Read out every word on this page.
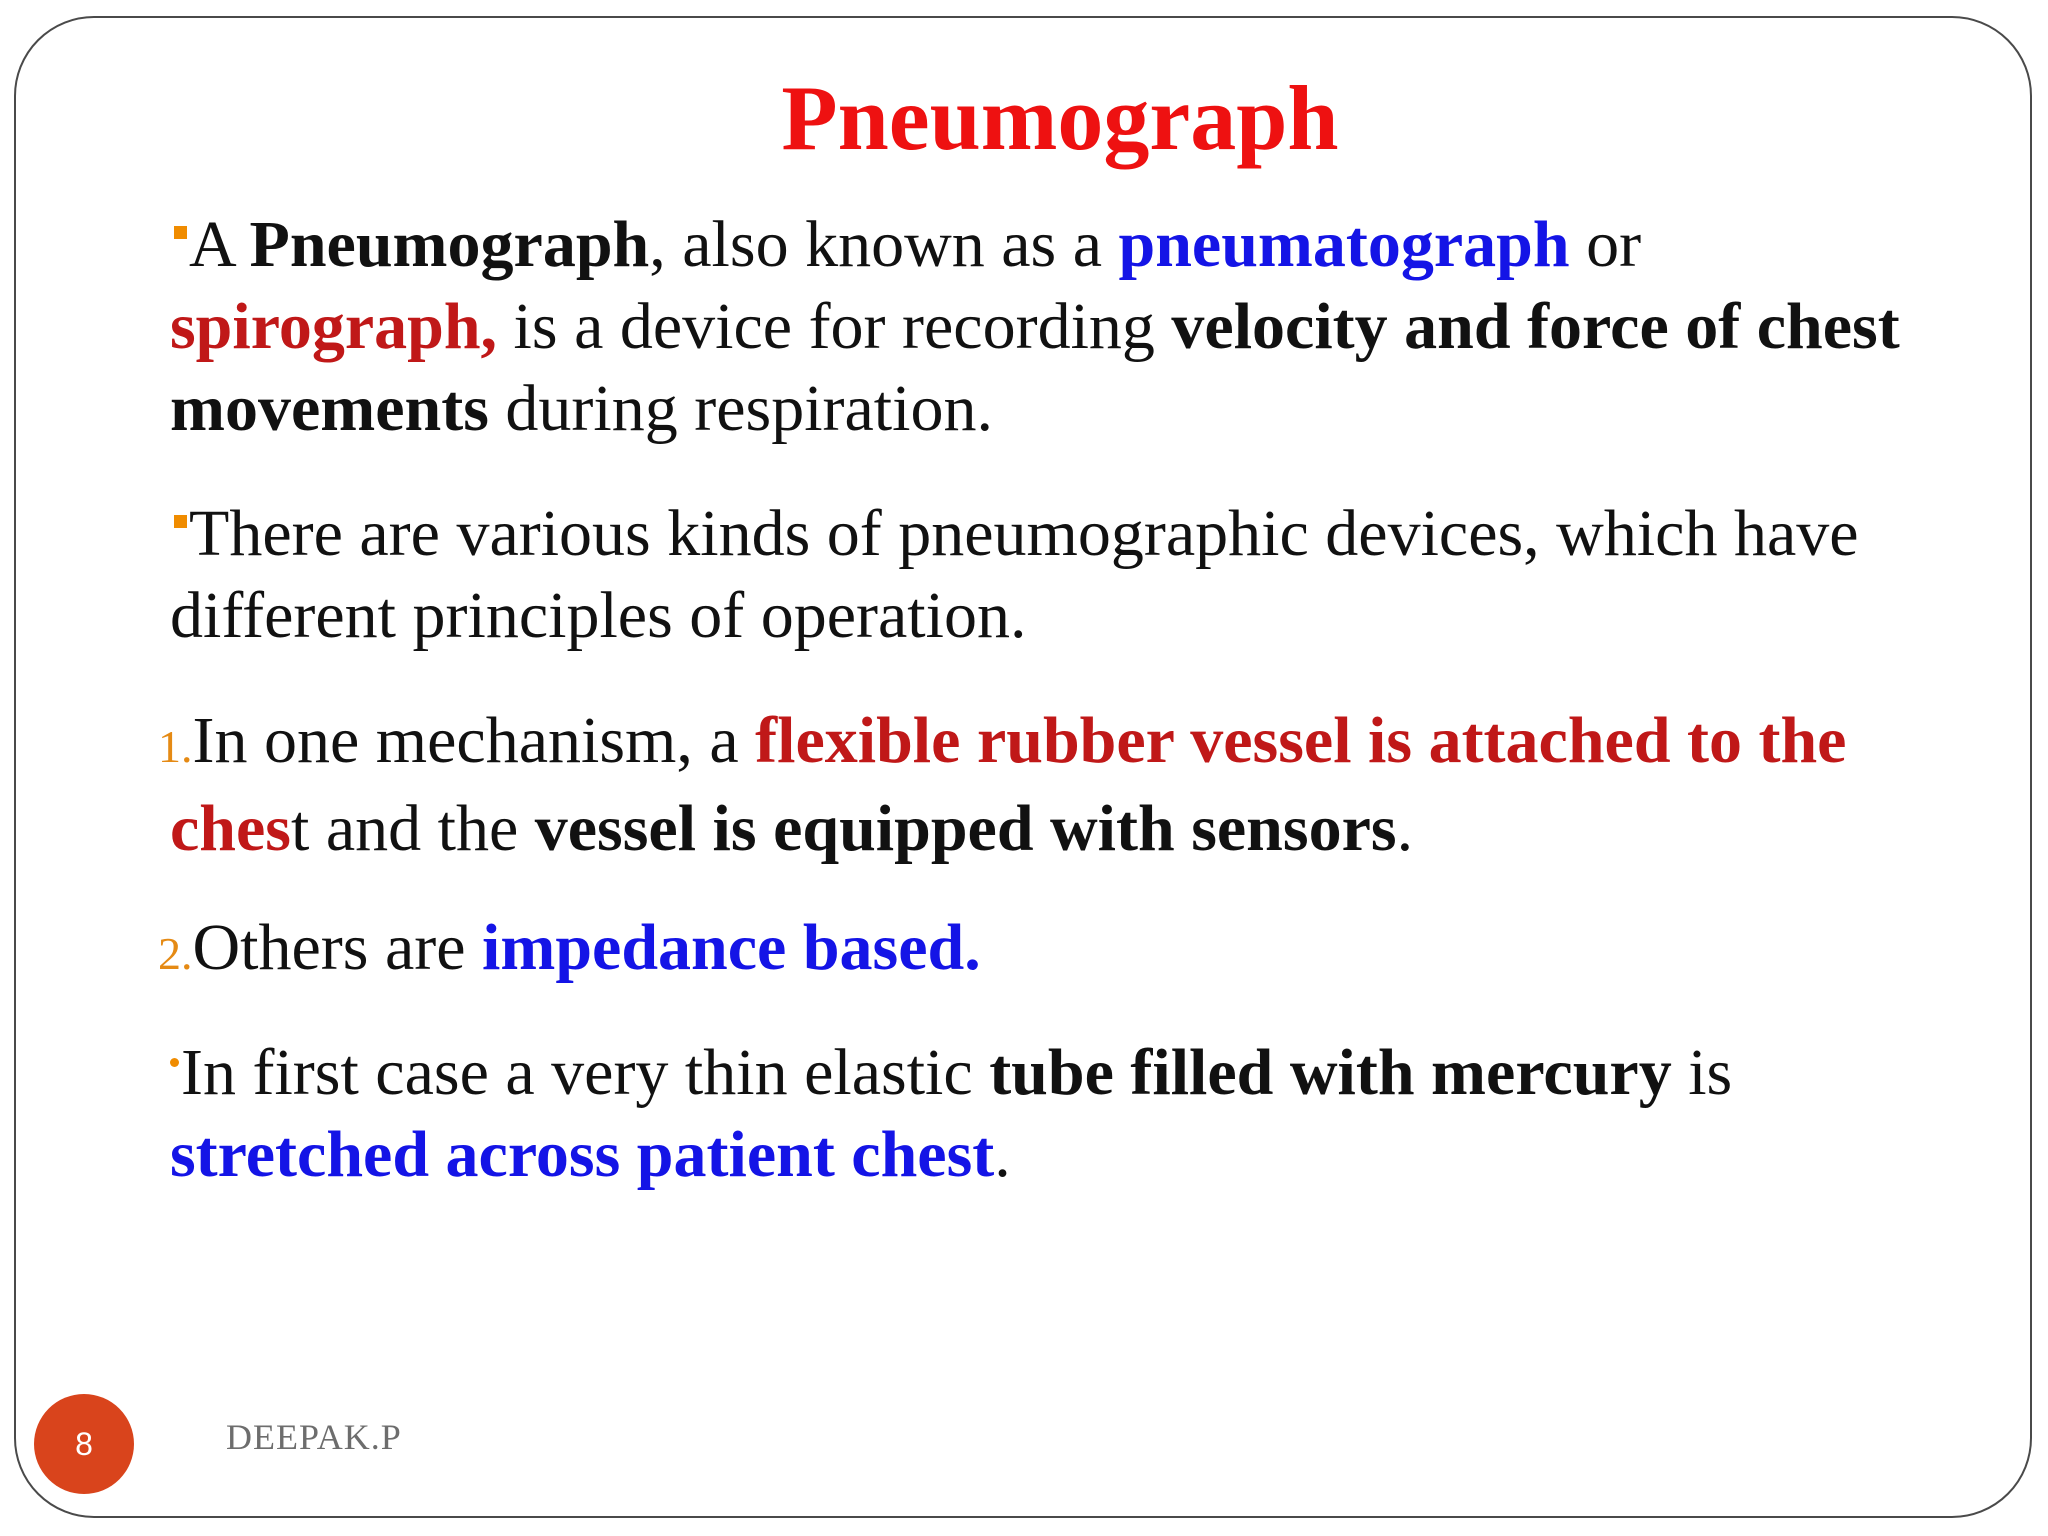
Pneumograph
A Pneumograph, also known as a pneumatograph or spirograph, is a device for recording velocity and force of chest movements during respiration.
There are various kinds of pneumographic devices, which have different principles of operation.
1.In one mechanism, a flexible rubber vessel is attached to the chest and the vessel is equipped with sensors.
2.Others are impedance based.
In first case a very thin elastic tube filled with mercury is stretched across patient chest.
8	DEEPAK.P
